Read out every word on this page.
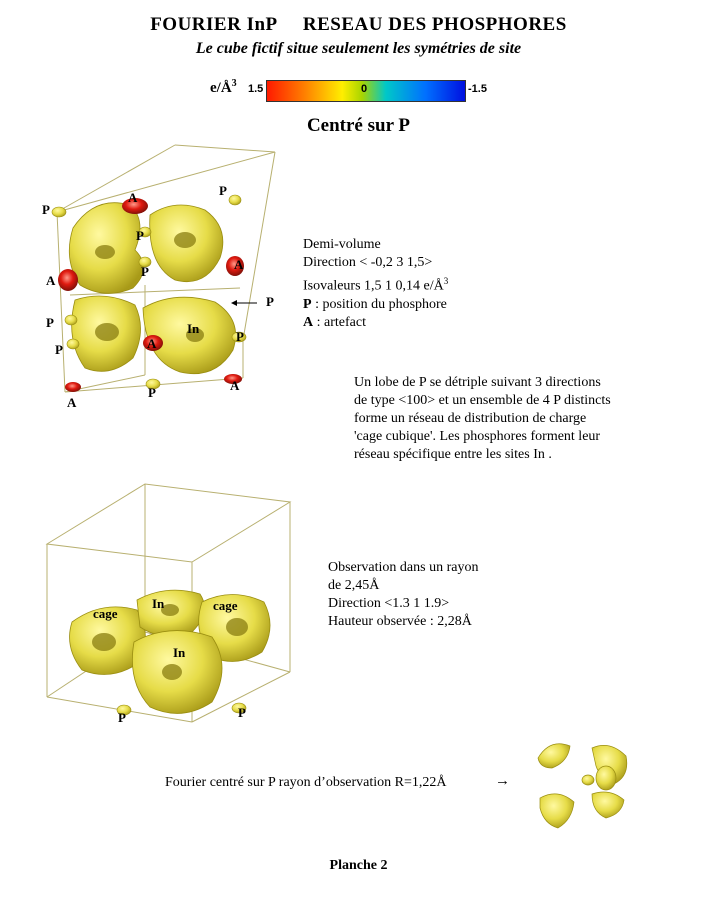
FOURIER InP RESEAU DES PHOSPHORES
Le cube fictif situe seulement les symétries de site
$e/Å^3$ 1.5	0	-1.5
Centré sur P
A	P
P
P
P	A
A
P
P	In
A	P
P
A
P
A
Demi-volume
Direction < -0,2 3 1,5>
Isovaleurs 1,5 1 0,14 $e/Å^3$
P : position du phosphore
A : artefact
Un lobe de P se détriple suivant 3 directions
de type <100> et un ensemble de 4 P distincts
forme un réseau de distribution de charge
'cage cubique'. Les phosphores forment leur
réseau spécifique entre les sites In .
cage
In	cage
In
P	P
Observation dans un rayon
de 2,45Å
Direction <1.3 1 1.9>
Hauteur observée : 2,28Å
Fourier centré sur P rayon d’observation R=1,22Å	→
Planche 2
